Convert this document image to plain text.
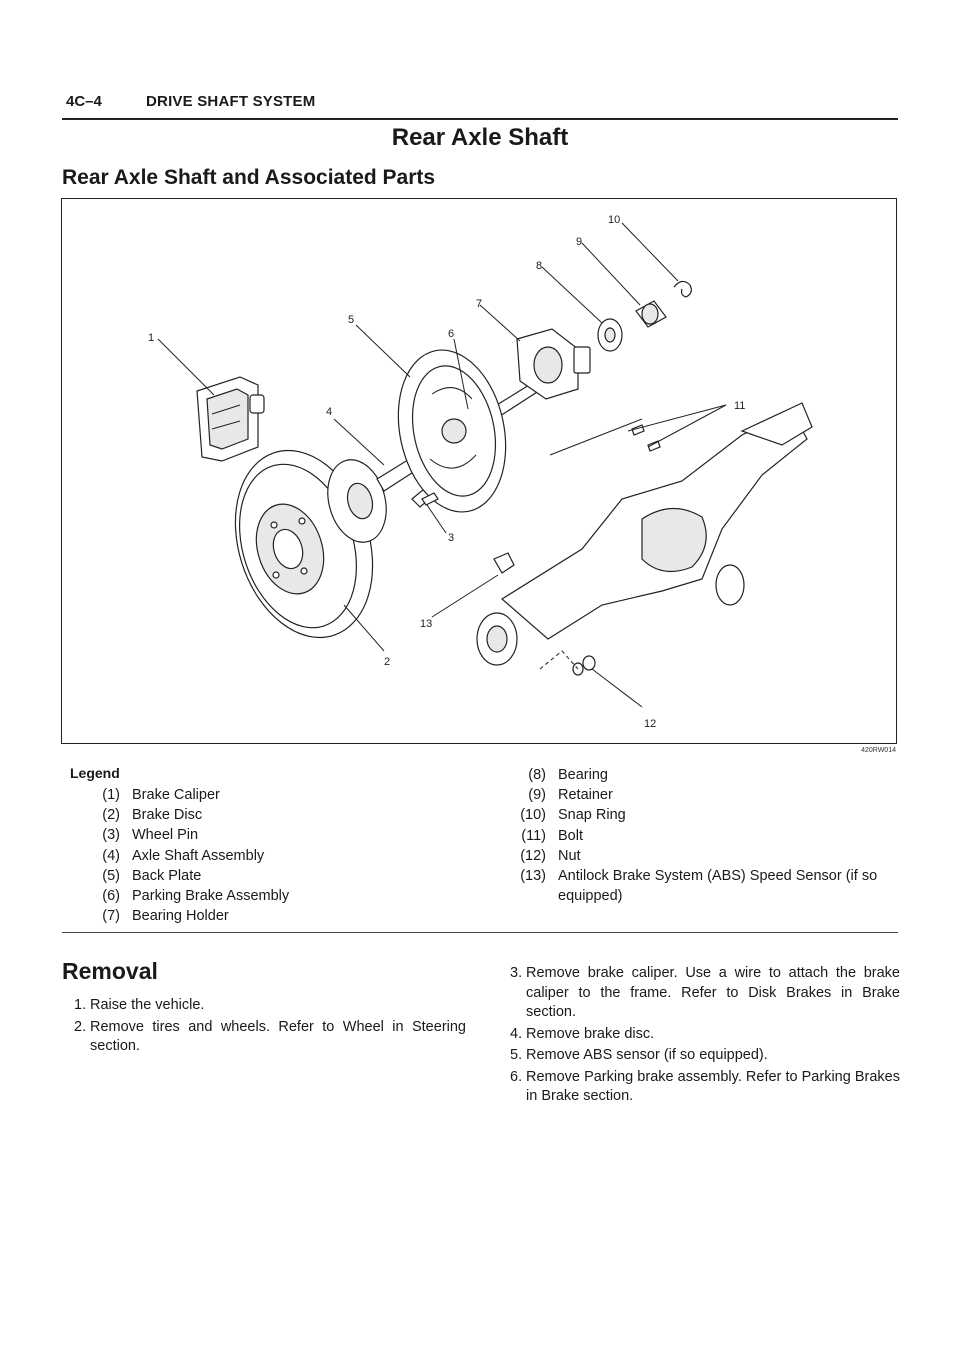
4C–4	DRIVE SHAFT SYSTEM
Rear Axle Shaft
Rear Axle Shaft and Associated Parts
1
2
3
4
5
6
7
8
9
10
11
12
13
420RW014
Legend
(1) Brake Caliper
(2) Brake Disc
(3) Wheel Pin
(4) Axle Shaft Assembly
(5) Back Plate
(6) Parking Brake Assembly
(7) Bearing Holder
(8) Bearing
(9) Retainer
(10) Snap Ring
(11) Bolt
(12) Nut
(13) Antilock Brake System (ABS) Speed Sensor (if so equipped)
Removal
1. Raise the vehicle.
2. Remove tires and wheels. Refer to Wheel in Steering section.
3. Remove brake caliper. Use a wire to attach the brake caliper to the frame. Refer to Disk Brakes in Brake section.
4. Remove brake disc.
5. Remove ABS sensor (if so equipped).
6. Remove Parking brake assembly. Refer to Parking Brakes in Brake section.
